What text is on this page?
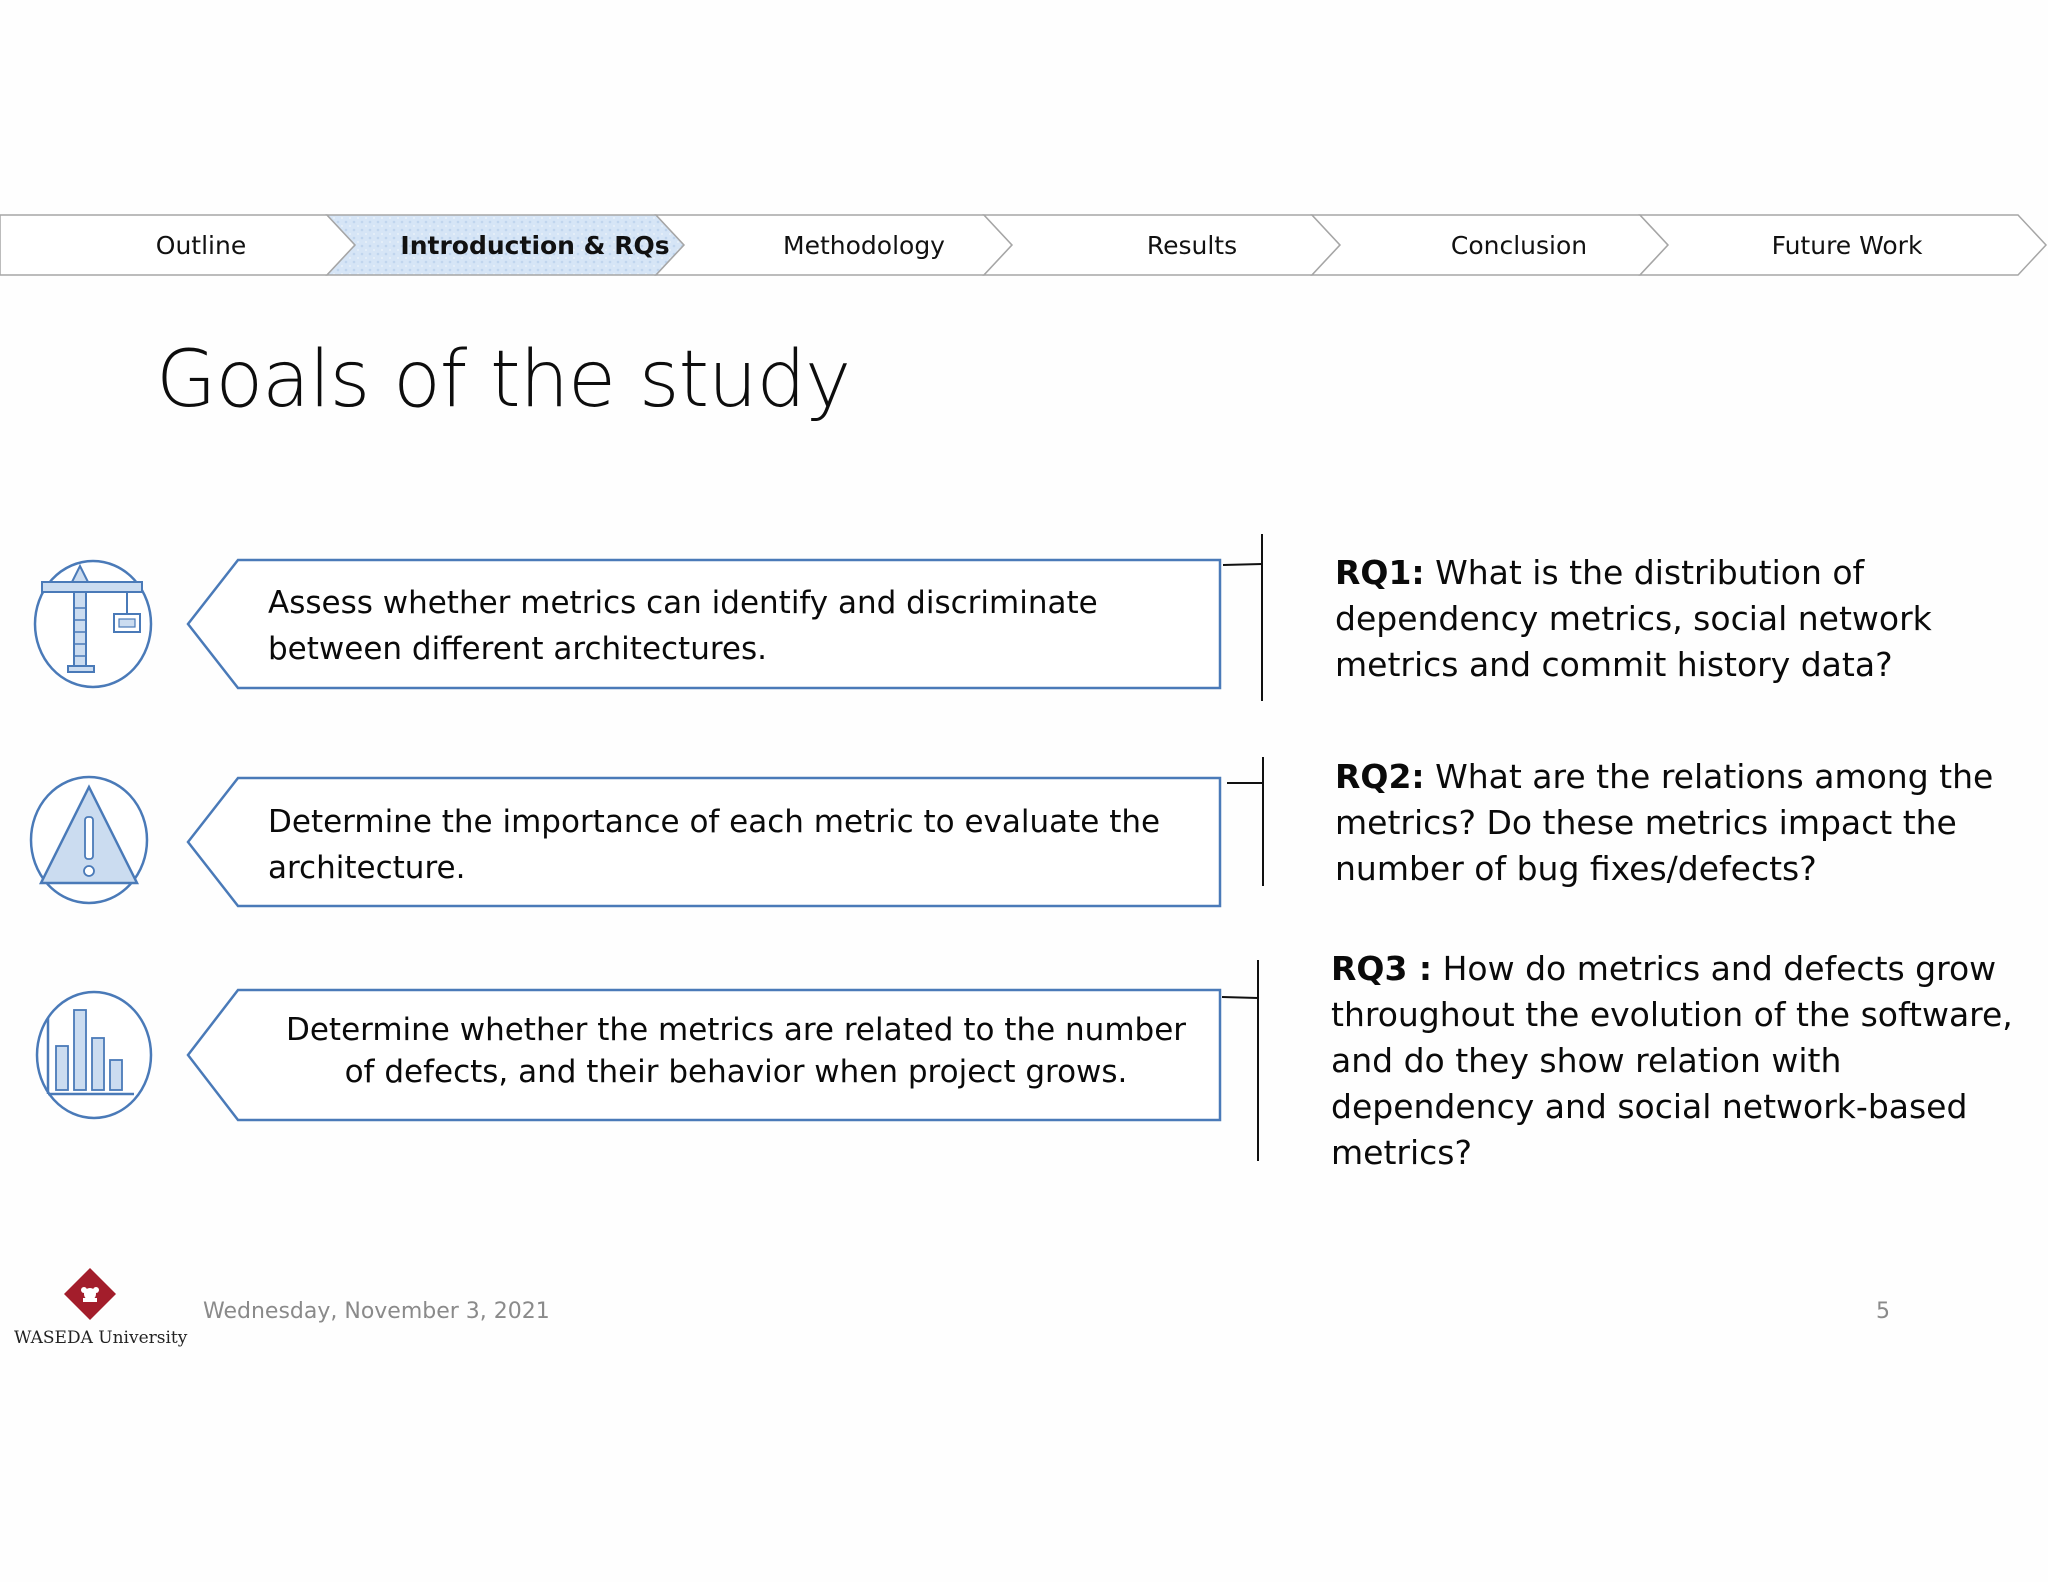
Outline	Introduction & RQs	Methodology	Results	Conclusion	Future Work
Goals of the study
Assess whether metrics can identify and discriminate
between different architectures.
RQ1: What is the distribution of
dependency metrics, social network
metrics and commit history data?
Determine the importance of each metric to evaluate the
architecture.
RQ2: What are the relations among the
metrics? Do these metrics impact the
number of bug fixes/defects?
Determine whether the metrics are related to the number
of defects, and their behavior when project grows.
RQ3 : How do metrics and defects grow
throughout the evolution of the software,
and do they show relation with
dependency and social network-based
metrics?
WASEDA University
Wednesday, November 3, 2021	5
